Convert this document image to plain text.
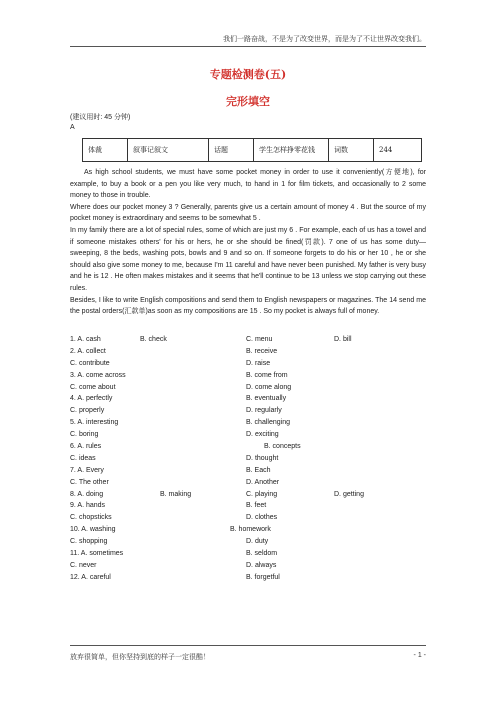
我们一路奋战，不是为了改变世界，而是为了不让世界改变我们。
专题检测卷(五)
完形填空
(建议用时: 45 分钟)
A
体裁	叙事记叙文	话题	学生怎样挣零花钱	词数	244

As high school students, we must have some pocket money in order to use it conveniently(方便地), for example, to buy a book or a pen you like very much, to hand in 1 for film tickets, and occasionally to 2 some money to those in trouble.

Where does our pocket money 3 ? Generally, parents give us a certain amount of money 4 . But the source of my pocket money is extraordinary and seems to be somewhat 5 .

In my family there are a lot of special rules, some of which are just my 6 . For example, each of us has a towel and if someone mistakes others' for his or hers, he or she should be fined(罚款). 7 one of us has some duty—sweeping, 8 the beds, washing pots, bowls and 9 and so on. If someone forgets to do his or her 10 , he or she should also give some money to me, because I'm 11 careful and have never been punished. My father is very busy and he is 12 . He often makes mistakes and it seems that he'll continue to be 13 unless we stop carrying out these rules.

Besides, I like to write English compositions and send them to English newspapers or magazines. The 14 send me the postal orders(汇款单)as soon as my compositions are 15 . So my pocket is always full of money.

1. A. cash	B. check	C. menu	D. bill
2. A. collect	B. receive
C. contribute	D. raise
3. A. come across	B. come from
C. come about	D. come along
4. A. perfectly	B. eventually
C. properly	D. regularly
5. A. interesting	B. challenging
C. boring	D. exciting
6. A. rules	B. concepts
C. ideas	D. thought
7. A. Every	B. Each
C. The other	D. Another
8. A. doing	B. making	C. playing	D. getting
9. A. hands	B. feet
C. chopsticks	D. clothes
10. A. washing	B. homework
C. shopping	D. duty
11. A. sometimes	B. seldom
C. never	D. always
12. A. careful	B. forgetful
放弃很简单，但你坚持到底的样子一定很酷！	- 1 -
